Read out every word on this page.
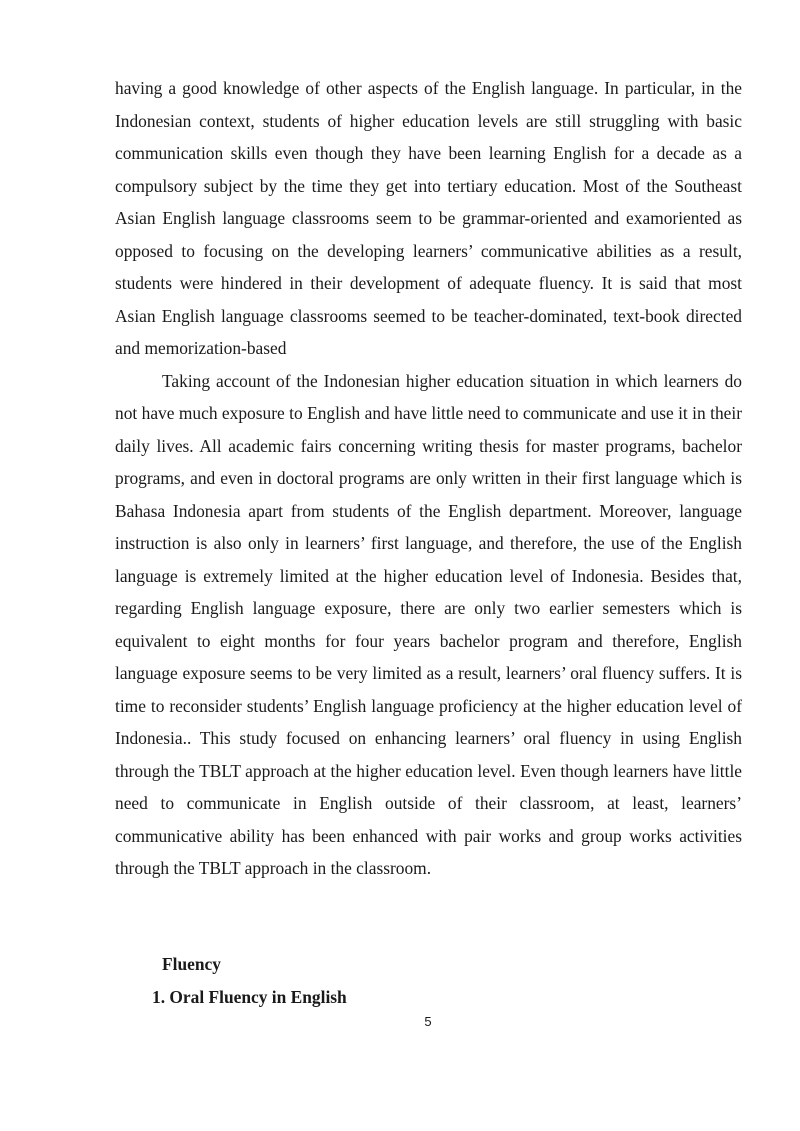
having a good knowledge of other aspects of the English language. In particular, in the Indonesian context, students of higher education levels are still struggling with basic communication skills even though they have been learning English for a decade as a compulsory subject by the time they get into tertiary education. Most of the Southeast Asian English language classrooms seem to be grammar-oriented and examoriented as opposed to focusing on the developing learners’ communicative abilities as a result, students were hindered in their development of adequate fluency. It is said that most Asian English language classrooms seemed to be teacher-dominated, text-book directed and memorization-based

Taking account of the Indonesian higher education situation in which learners do not have much exposure to English and have little need to communicate and use it in their daily lives. All academic fairs concerning writing thesis for master programs, bachelor programs, and even in doctoral programs are only written in their first language which is Bahasa Indonesia apart from students of the English department. Moreover, language instruction is also only in learners’ first language, and therefore, the use of the English language is extremely limited at the higher education level of Indonesia. Besides that, regarding English language exposure, there are only two earlier semesters which is equivalent to eight months for four years bachelor program and therefore, English language exposure seems to be very limited as a result, learners’ oral fluency suffers. It is time to reconsider students’ English language proficiency at the higher education level of Indonesia.. This study focused on enhancing learners’ oral fluency in using English through the TBLT approach at the higher education level. Even though learners have little need to communicate in English outside of their classroom, at least, learners’ communicative ability has been enhanced with pair works and group works activities through the TBLT approach in the classroom.

Fluency
1. Oral Fluency in English
5
